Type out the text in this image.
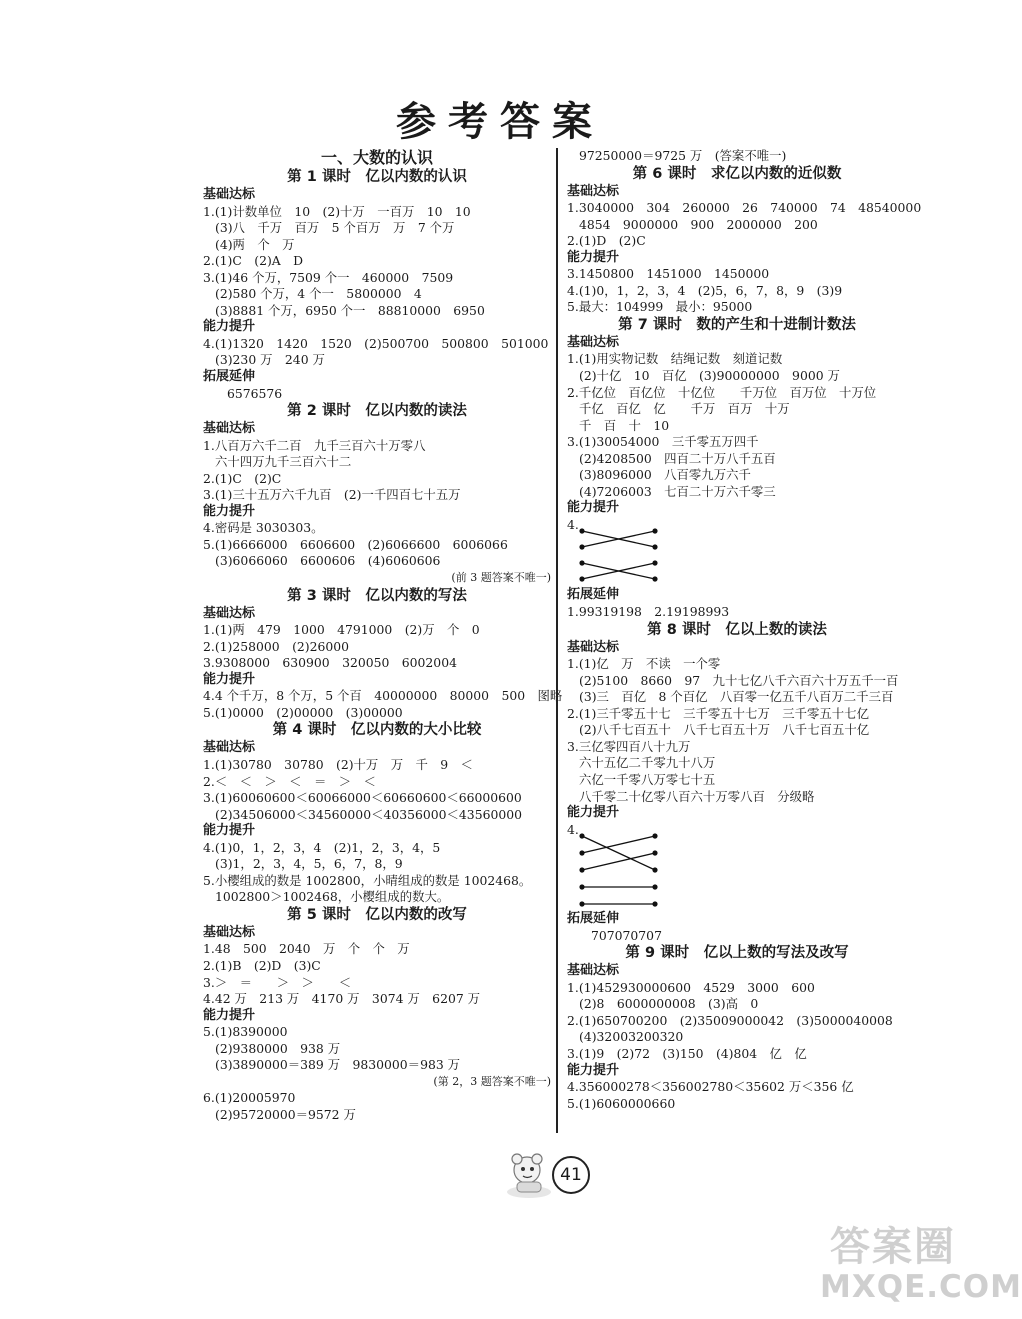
参考答案
一、大数的认识
第 1 课时　亿以内数的认识
基础达标
1.(1)计数单位　10　(2)十万　一百万　10　10
(3)八　千万　百万　5 个百万　万　7 个万
(4)两　个　万
2.(1)C　(2)A　D
3.(1)46 个万，7509 个一　460000　7509
(2)580 个万，4 个一　5800000　4
(3)8881 个万，6950 个一　88810000　6950
能力提升
4.(1)1320　1420　1520　(2)500700　500800　501000
(3)230 万　240 万
拓展延伸
6576576
第 2 课时　亿以内数的读法
基础达标
1.八百万六千二百　九千三百六十万零八
六十四万九千三百六十二
2.(1)C　(2)C
3.(1)三十五万六千九百　(2)一千四百七十五万
能力提升
4.密码是 3030303。
5.(1)6666000　6606600　(2)6066600　6006066
(3)6066060　6600606　(4)6060606
(前 3 题答案不唯一)
第 3 课时　亿以内数的写法
基础达标
1.(1)两　479　1000　4791000　(2)万　个　0
2.(1)258000　(2)26000
3.9308000　630900　320050　6002004
能力提升
4.4 个千万，8 个万，5 个百　40000000　80000　500　图略
5.(1)0000　(2)00000　(3)00000
第 4 课时　亿以内数的大小比较
基础达标
1.(1)30780　30780　(2)十万　万　千　9　＜
2.＜　＜　＞　＜　＝　＞　＜
3.(1)60060600＜60066000＜60660600＜66000600
(2)34506000＜34560000＜40356000＜43560000
能力提升
4.(1)0，1，2，3，4　(2)1，2，3，4，5
(3)1，2，3，4，5，6，7，8，9
5.小樱组成的数是 1002800，小晴组成的数是 1002468。
1002800＞1002468，小樱组成的数大。
第 5 课时　亿以内数的改写
基础达标
1.48　500　2040　万　个　个　万
2.(1)B　(2)D　(3)C
3.＞　＝　　＞　＞　　＜
4.42 万　213 万　4170 万　3074 万　6207 万
能力提升
5.(1)8390000
(2)9380000　938 万
(3)3890000＝389 万　9830000＝983 万
(第 2，3 题答案不唯一)
6.(1)20005970
(2)95720000＝9572 万
97250000＝9725 万　(答案不唯一)
第 6 课时　求亿以内数的近似数
基础达标
1.3040000　304　260000　26　740000　74　48540000
4854　9000000　900　2000000　200
2.(1)D　(2)C
能力提升
3.1450800　1451000　1450000
4.(1)0，1，2，3，4　(2)5，6，7，8，9　(3)9
5.最大：104999　最小：95000
第 7 课时　数的产生和十进制计数法
基础达标
1.(1)用实物记数　结绳记数　刻道记数
(2)十亿　10　百亿　(3)90000000　9000 万
2.千亿位　百亿位　十亿位　　千万位　百万位　十万位
千亿　百亿　亿　　千万　百万　十万
千　百　十　10
3.(1)30054000　三千零五万四千
(2)4208500　四百二十万八千五百
(3)8096000　八百零九万六千
(4)7206003　七百二十万六千零三
能力提升
4.
拓展延伸
1.99319198　2.19198993
第 8 课时　亿以上数的读法
基础达标
1.(1)亿　万　不读　一个零
(2)5100　8660　97　九十七亿八千六百六十万五千一百
(3)三　百亿　8 个百亿　八百零一亿五千八百万二千三百
2.(1)三千零五十七　三千零五十七万　三千零五十七亿
(2)八千七百五十　八千七百五十万　八千七百五十亿
3.三亿零四百八十九万
六十五亿二千零九十八万
六亿一千零八万零七十五
八千零二十亿零八百六十万零八百　分级略
能力提升
4.
拓展延伸
707070707
第 9 课时　亿以上数的写法及改写
基础达标
1.(1)452930000600　4529　3000　600
(2)8　6000000008　(3)高　0
2.(1)650700200　(2)35009000042　(3)5000040008
(4)32003200320
3.(1)9　(2)72　(3)150　(4)804　亿　亿
能力提升
4.356000278＜356002780＜35602 万＜356 亿
5.(1)6060000660
41
答案圈
MXQE.COM
